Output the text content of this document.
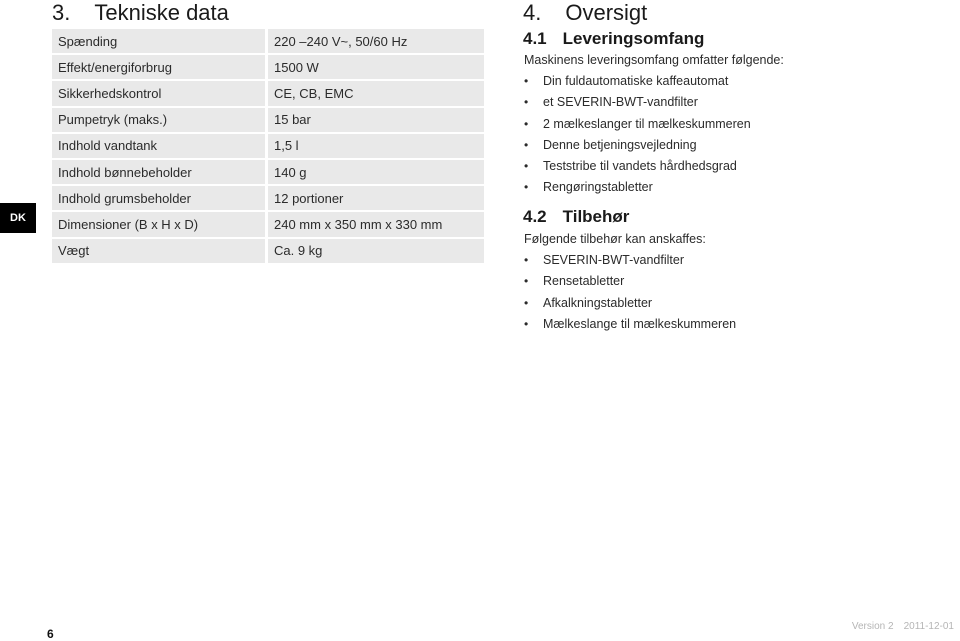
3. Tekniske data	4. Oversigt
DK
Spænding	220 –240 V~, 50/60 Hz
Effekt/energiforbrug	1500 W
Sikkerhedskontrol	CE, CB, EMC
Pumpetryk (maks.)	15 bar
Indhold vandtank	1,5 l
Indhold bønnebeholder	140 g
Indhold grumsbeholder	12 portioner
Dimensioner (B x H x D)	240 mm x 350 mm x 330 mm
Vægt	Ca. 9 kg
4.1 Leveringsomfang

Maskinens leveringsomfang omfatter følgende:

• Din fuldautomatiske kaffeautomat
• et SEVERIN-BWT-vandfilter
• 2 mælkeslanger til mælkeskummeren
• Denne betjeningsvejledning
• Teststribe til vandets hårdhedsgrad
• Rengøringstabletter
4.2 Tilbehør

Følgende tilbehør kan anskaffes:

• SEVERIN-BWT-vandfilter
• Rensetabletter
• Afkalkningstabletter
• Mælkeslange til mælkeskummeren
6
Version 2 2011-12-01
